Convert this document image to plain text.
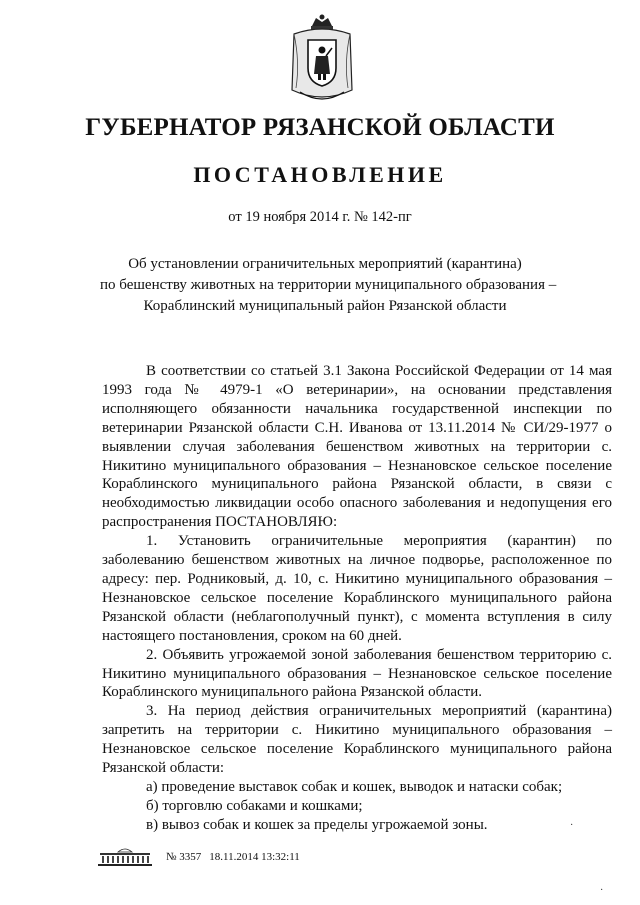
ГУБЕРНАТОР РЯЗАНСКОЙ ОБЛАСТИ
ПОСТАНОВЛЕНИЕ
от 19 ноября 2014 г. № 142-пг
Об установлении ограничительных мероприятий (карантина)
по бешенству животных на территории муниципального образования –
Кораблинский муниципальный район Рязанской области

В соответствии со статьей 3.1 Закона Российской Федерации от 14 мая 1993 года № 4979-1 «О ветеринарии», на основании представления исполняющего обязанности начальника государственной инспекции по ветеринарии Рязанской области С.Н. Иванова от 13.11.2014 № СИ/29-1977 о выявлении случая заболевания бешенством животных на территории с. Никитино муниципального образования – Незнановское сельское поселение Кораблинского муниципального района Рязанской области, в связи с необходимостью ликвидации особо опасного заболевания и недопущения его распространения ПОСТАНОВЛЯЮ:

1. Установить ограничительные мероприятия (карантин) по заболеванию бешенством животных на личное подворье, расположенное по адресу: пер. Родниковый, д. 10, с. Никитино муниципального образования – Незнановское сельское поселение Кораблинского муниципального района Рязанской области (неблагополучный пункт), с момента вступления в силу настоящего постановления, сроком на 60 дней.

2. Объявить угрожаемой зоной заболевания бешенством территорию с. Никитино муниципального образования – Незнановское сельское поселение Кораблинского муниципального района Рязанской области.

3. На период действия ограничительных мероприятий (карантина) запретить на территории с. Никитино муниципального образования – Незнановское сельское поселение Кораблинского муниципального района Рязанской области:

а) проведение выставок собак и кошек, выводок и натаски собак;

б) торговлю собаками и кошками;

в) вывоз собак и кошек за пределы угрожаемой зоны.

№ 3357 18.11.2014 13:32:11
·
·
